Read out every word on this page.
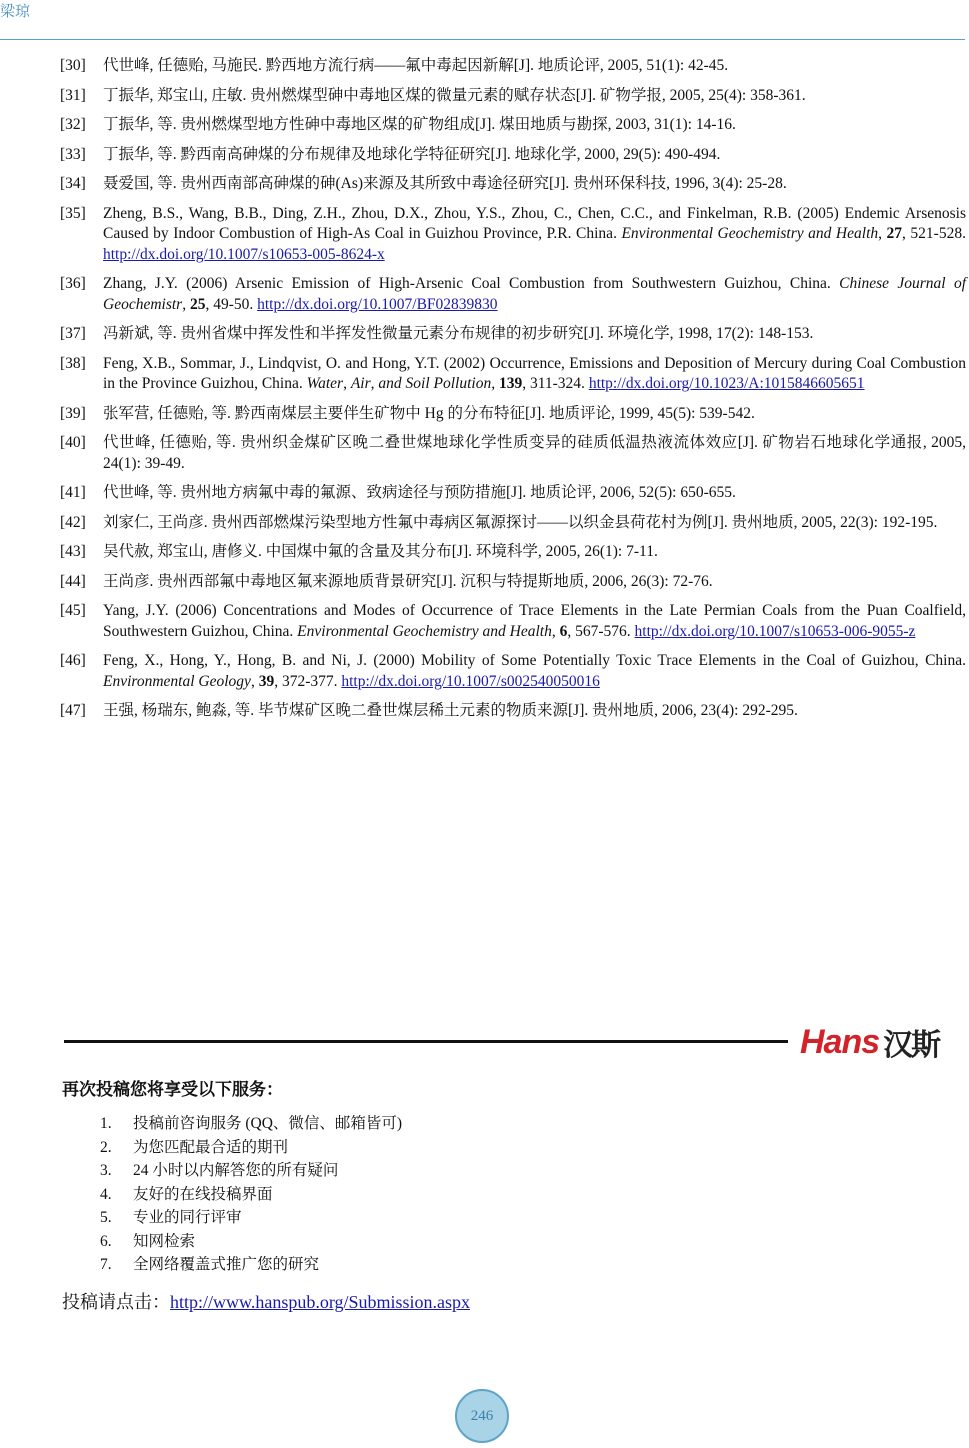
梁琼
[30]	代世峰, 任德贻, 马施民. 黔西地方流行病——氟中毒起因新解[J]. 地质论评, 2005, 51(1): 42-45.
[31]	丁振华, 郑宝山, 庄敏. 贵州燃煤型砷中毒地区煤的微量元素的赋存状态[J]. 矿物学报, 2005, 25(4): 358-361.
[32]	丁振华, 等. 贵州燃煤型地方性砷中毒地区煤的矿物组成[J]. 煤田地质与勘探, 2003, 31(1): 14-16.
[33]	丁振华, 等. 黔西南高砷煤的分布规律及地球化学特征研究[J]. 地球化学, 2000, 29(5): 490-494.
[34]	聂爱国, 等. 贵州西南部高砷煤的砷(As)来源及其所致中毒途径研究[J]. 贵州环保科技, 1996, 3(4): 25-28.
[35]	Zheng, B.S., Wang, B.B., Ding, Z.H., Zhou, D.X., Zhou, Y.S., Zhou, C., Chen, C.C., and Finkelman, R.B. (2005) Endemic Arsenosis Caused by Indoor Combustion of High-As Coal in Guizhou Province, P.R. China. Environmental Geochemistry and Health, 27, 521-528. http://dx.doi.org/10.1007/s10653-005-8624-x
[36]	Zhang, J.Y. (2006) Arsenic Emission of High-Arsenic Coal Combustion from Southwestern Guizhou, China. Chinese Journal of Geochemistr, 25, 49-50. http://dx.doi.org/10.1007/BF02839830
[37]	冯新斌, 等. 贵州省煤中挥发性和半挥发性微量元素分布规律的初步研究[J]. 环境化学, 1998, 17(2): 148-153.
[38]	Feng, X.B., Sommar, J., Lindqvist, O. and Hong, Y.T. (2002) Occurrence, Emissions and Deposition of Mercury during Coal Combustion in the Province Guizhou, China. Water, Air, and Soil Pollution, 139, 311-324. http://dx.doi.org/10.1023/A:1015846605651
[39]	张军营, 任德贻, 等. 黔西南煤层主要伴生矿物中 Hg 的分布特征[J]. 地质评论, 1999, 45(5): 539-542.
[40]	代世峰, 任德贻, 等. 贵州织金煤矿区晚二叠世煤地球化学性质变异的硅质低温热液流体效应[J]. 矿物岩石地球化学通报, 2005, 24(1): 39-49.
[41]	代世峰, 等. 贵州地方病氟中毒的氟源、致病途径与预防措施[J]. 地质论评, 2006, 52(5): 650-655.
[42]	刘家仁, 王尚彦. 贵州西部燃煤污染型地方性氟中毒病区氟源探讨——以织金县荷花村为例[J]. 贵州地质, 2005, 22(3): 192-195.
[43]	吴代赦, 郑宝山, 唐修义. 中国煤中氟的含量及其分布[J]. 环境科学, 2005, 26(1): 7-11.
[44]	王尚彦. 贵州西部氟中毒地区氟来源地质背景研究[J]. 沉积与特提斯地质, 2006, 26(3): 72-76.
[45]	Yang, J.Y. (2006) Concentrations and Modes of Occurrence of Trace Elements in the Late Permian Coals from the Puan Coalfield, Southwestern Guizhou, China. Environmental Geochemistry and Health, 6, 567-576. http://dx.doi.org/10.1007/s10653-006-9055-z
[46]	Feng, X., Hong, Y., Hong, B. and Ni, J. (2000) Mobility of Some Potentially Toxic Trace Elements in the Coal of Guizhou, China. Environmental Geology, 39, 372-377. http://dx.doi.org/10.1007/s002540050016
[47]	王强, 杨瑞东, 鲍淼, 等. 毕节煤矿区晚二叠世煤层稀土元素的物质来源[J]. 贵州地质, 2006, 23(4): 292-295.
Hans 汉斯
再次投稿您将享受以下服务：
1.	投稿前咨询服务 (QQ、微信、邮箱皆可)
2.	为您匹配最合适的期刊
3.	24 小时以内解答您的所有疑问
4.	友好的在线投稿界面
5.	专业的同行评审
6.	知网检索
7.	全网络覆盖式推广您的研究
投稿请点击：http://www.hanspub.org/Submission.aspx
246
